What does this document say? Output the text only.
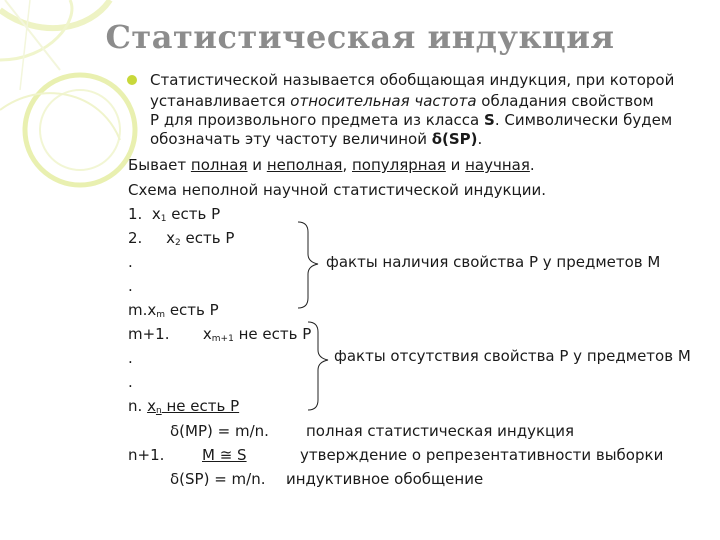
Статистическая индукция
Статистической называется обобщающая индукция, при которой
устанавливается относительная частота обладания свойством
P для произвольного предмета из класса S. Символически будем
обозначать эту частоту величиной δ(SP).
Бывает полная и неполная, популярная и научная.
Схема неполной научной статистической индукции.
1. $x_1$ есть P
2. $x_2$ есть P
.
.
$m.x_m$ есть P
m+1. $x_{m+1}$ не есть P
.
.
n. $x_n$ не есть P
факты наличия свойства P у предметов M
факты отсутствия свойства P у предметов M
δ(MP) = m/n. полная статистическая индукция
n+1.	M ≅ S	утверждение о репрезентативности выборки
δ(SP) = m/n. индуктивное обобщение
